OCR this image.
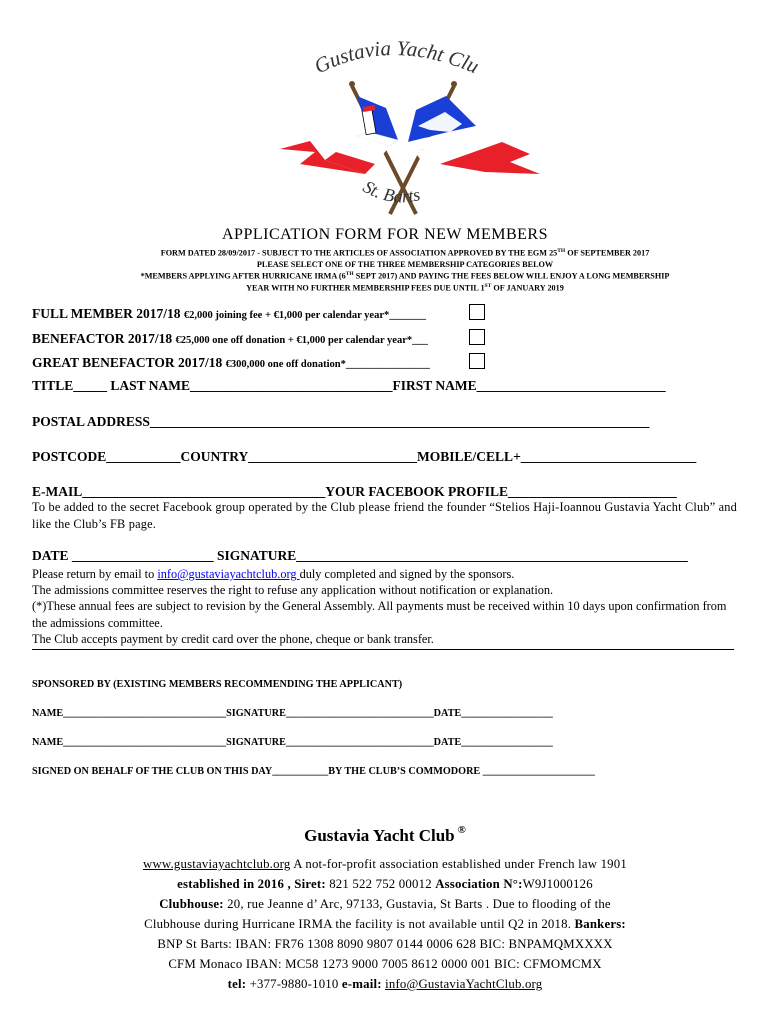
Gustavia Yacht Clu
St. Barts
APPLICATION FORM FOR NEW MEMBERS
FORM DATED 28/09/2017 - SUBJECT TO THE ARTICLES OF ASSOCIATION APPROVED BY THE EGM 25TH OF SEPTEMBER 2017
PLEASE SELECT ONE OF THE THREE MEMBERSHIP CATEGORIES BELOW
*MEMBERS APPLYING AFTER HURRICANE IRMA (6TH SEPT 2017) AND PAYING THE FEES BELOW WILL ENJOY A LONG MEMBERSHIP
YEAR WITH NO FURTHER MEMBERSHIP FEES DUE UNTIL 1ST OF JANUARY 2019
FULL MEMBER 2017/18 €2,000 joining fee + €1,000 per calendar year*_______
BENEFACTOR 2017/18 €25,000 one off donation + €1,000 per calendar year*___
GREAT BENEFACTOR 2017/18 €300,000 one off donation*________________
TITLE_____ LAST NAME______________________________FIRST NAME____________________________
POSTAL ADDRESS__________________________________________________________________________
POSTCODE___________COUNTRY_________________________MOBILE/CELL+__________________________
E-MAIL____________________________________YOUR FACEBOOK PROFILE_________________________
To be added to the secret Facebook group operated by the Club please friend the founder “Stelios Haji-Ioannou Gustavia Yacht Club” and like the Club’s FB page.
DATE _____________________ SIGNATURE__________________________________________________________
Please return by email to info@gustaviayachtclub.org duly completed and signed by the sponsors.
The admissions committee reserves the right to refuse any application without notification or explanation.
(*)These annual fees are subject to revision by the General Assembly. All payments must be received within 10 days upon confirmation from the admissions committee.
The Club accepts payment by credit card over the phone, cheque or bank transfer.
SPONSORED BY (EXISTING MEMBERS RECOMMENDING THE APPLICANT)
NAME________________________________SIGNATURE_____________________________DATE__________________
NAME________________________________SIGNATURE_____________________________DATE__________________
SIGNED ON BEHALF OF THE CLUB ON THIS DAY___________BY THE CLUB’S COMMODORE ______________________
Gustavia Yacht Club ®
www.gustaviayachtclub.org A not-for-profit association established under French law 1901
established in 2016 , Siret: 821 522 752 00012 Association N°:W9J1000126
Clubhouse: 20, rue Jeanne d’ Arc, 97133, Gustavia, St Barts . Due to flooding of the
Clubhouse during Hurricane IRMA the facility is not available until Q2 in 2018. Bankers:
BNP St Barts: IBAN: FR76 1308 8090 9807 0144 0006 628 BIC: BNPAMQMXXXX
CFM Monaco IBAN: MC58 1273 9000 7005 8612 0000 001 BIC: CFMOMCMX
tel: +377-9880-1010 e-mail: info@GustaviaYachtClub.org
